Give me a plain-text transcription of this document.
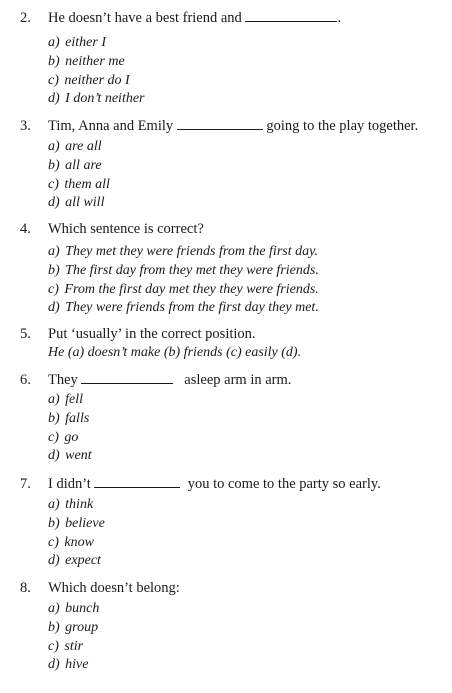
2. He doesn’t have a best friend and	.
a) either I
b) neither me
c) neither do I
d) I don’t neither
3. Tim, Anna and Emily	going to the play together.
a) are all
b) all are
c) them all
d) all will
4. Which sentence is correct?
a) They met they were friends from the first day.
b) The first day from they met they were friends.
c) From the first day met they they were friends.
d) They were friends from the first day they met.
5. Put ‘usually’ in the correct position.
He (a) doesn’t make (b) friends (c) easily (d).
6. They	asleep arm in arm.
a) fell
b) falls
c) go
d) went
7. I didn’t	you to come to the party so early.
a) think
b) believe
c) know
d) expect
8. Which doesn’t belong:
a) bunch
b) group
c) stir
d) hive
